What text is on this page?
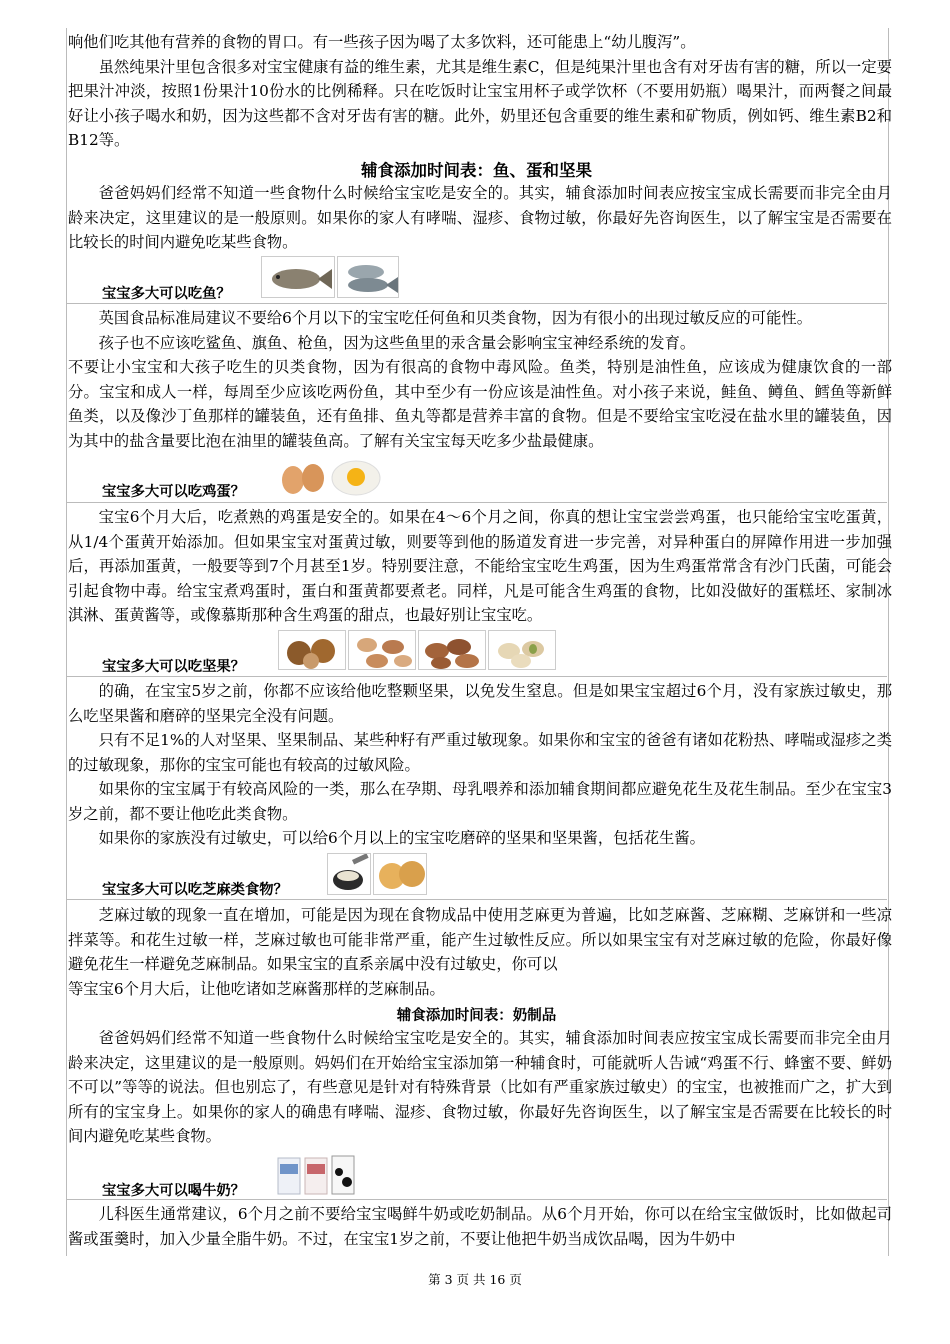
响他们吃其他有营养的食物的胃口。有一些孩子因为喝了太多饮料，还可能患上“幼儿腹泻”。

虽然纯果汁里包含很多对宝宝健康有益的维生素，尤其是维生素C，但是纯果汁里也含有对牙齿有害的糖，所以一定要把果汁冲淡，按照1份果汁10份水的比例稀释。只在吃饭时让宝宝用杯子或学饮杯（不要用奶瓶）喝果汁，而两餐之间最好让小孩子喝水和奶，因为这些都不含对牙齿有害的糖。此外，奶里还包含重要的维生素和矿物质，例如钙、维生素B2和B12等。

辅食添加时间表：鱼、蛋和坚果

爸爸妈妈们经常不知道一些食物什么时候给宝宝吃是安全的。其实，辅食添加时间表应按宝宝成长需要而非完全由月龄来决定，这里建议的是一般原则。如果你的家人有哮喘、湿疹、食物过敏，你最好先咨询医生，以了解宝宝是否需要在比较长的时间内避免吃某些食物。

宝宝多大可以吃鱼？

英国食品标准局建议不要给6个月以下的宝宝吃任何鱼和贝类食物，因为有很小的出现过敏反应的可能性。

孩子也不应该吃鲨鱼、旗鱼、枪鱼，因为这些鱼里的汞含量会影响宝宝神经系统的发育。

不要让小宝宝和大孩子吃生的贝类食物，因为有很高的食物中毒风险。鱼类，特别是油性鱼，应该成为健康饮食的一部分。宝宝和成人一样，每周至少应该吃两份鱼，其中至少有一份应该是油性鱼。对小孩子来说，鲑鱼、鳟鱼、鳕鱼等新鲜鱼类，以及像沙丁鱼那样的罐装鱼，还有鱼排、鱼丸等都是营养丰富的食物。但是不要给宝宝吃浸在盐水里的罐装鱼，因为其中的盐含量要比泡在油里的罐装鱼高。了解有关宝宝每天吃多少盐最健康。

宝宝多大可以吃鸡蛋？

宝宝6个月大后，吃煮熟的鸡蛋是安全的。如果在4～6个月之间，你真的想让宝宝尝尝鸡蛋，也只能给宝宝吃蛋黄，从1/4个蛋黄开始添加。但如果宝宝对蛋黄过敏，则要等到他的肠道发育进一步完善，对异种蛋白的屏障作用进一步加强后，再添加蛋黄，一般要等到7个月甚至1岁。特别要注意，不能给宝宝吃生鸡蛋，因为生鸡蛋常常含有沙门氏菌，可能会引起食物中毒。给宝宝煮鸡蛋时，蛋白和蛋黄都要煮老。同样，凡是可能含生鸡蛋的食物，比如没做好的蛋糕坯、家制冰淇淋、蛋黄酱等，或像慕斯那种含生鸡蛋的甜点，也最好别让宝宝吃。

宝宝多大可以吃坚果？

的确，在宝宝5岁之前，你都不应该给他吃整颗坚果，以免发生窒息。但是如果宝宝超过6个月，没有家族过敏史，那么吃坚果酱和磨碎的坚果完全没有问题。

只有不足1%的人对坚果、坚果制品、某些种籽有严重过敏现象。如果你和宝宝的爸爸有诸如花粉热、哮喘或湿疹之类的过敏现象，那你的宝宝可能也有较高的过敏风险。

如果你的宝宝属于有较高风险的一类，那么在孕期、母乳喂养和添加辅食期间都应避免花生及花生制品。至少在宝宝3岁之前，都不要让他吃此类食物。

如果你的家族没有过敏史，可以给6个月以上的宝宝吃磨碎的坚果和坚果酱，包括花生酱。

宝宝多大可以吃芝麻类食物？

芝麻过敏的现象一直在增加，可能是因为现在食物成品中使用芝麻更为普遍，比如芝麻酱、芝麻糊、芝麻饼和一些凉拌菜等。和花生过敏一样，芝麻过敏也可能非常严重，能产生过敏性反应。所以如果宝宝有对芝麻过敏的危险，你最好像避免花生一样避免芝麻制品。如果宝宝的直系亲属中没有过敏史，你可以

等宝宝6个月大后，让他吃诸如芝麻酱那样的芝麻制品。

辅食添加时间表：奶制品

爸爸妈妈们经常不知道一些食物什么时候给宝宝吃是安全的。其实，辅食添加时间表应按宝宝成长需要而非完全由月龄来决定，这里建议的是一般原则。妈妈们在开始给宝宝添加第一种辅食时，可能就听人告诫“鸡蛋不行、蜂蜜不要、鲜奶不可以”等等的说法。但也别忘了，有些意见是针对有特殊背景（比如有严重家族过敏史）的宝宝，也被推而广之，扩大到所有的宝宝身上。如果你的家人的确患有哮喘、湿疹、食物过敏，你最好先咨询医生，以了解宝宝是否需要在比较长的时间内避免吃某些食物。

宝宝多大可以喝牛奶？

儿科医生通常建议，6个月之前不要给宝宝喝鲜牛奶或吃奶制品。从6个月开始，你可以在给宝宝做饭时，比如做起司酱或蛋羹时，加入少量全脂牛奶。不过，在宝宝1岁之前，不要让他把牛奶当成饮品喝，因为牛奶中

第 3 页 共 16 页
